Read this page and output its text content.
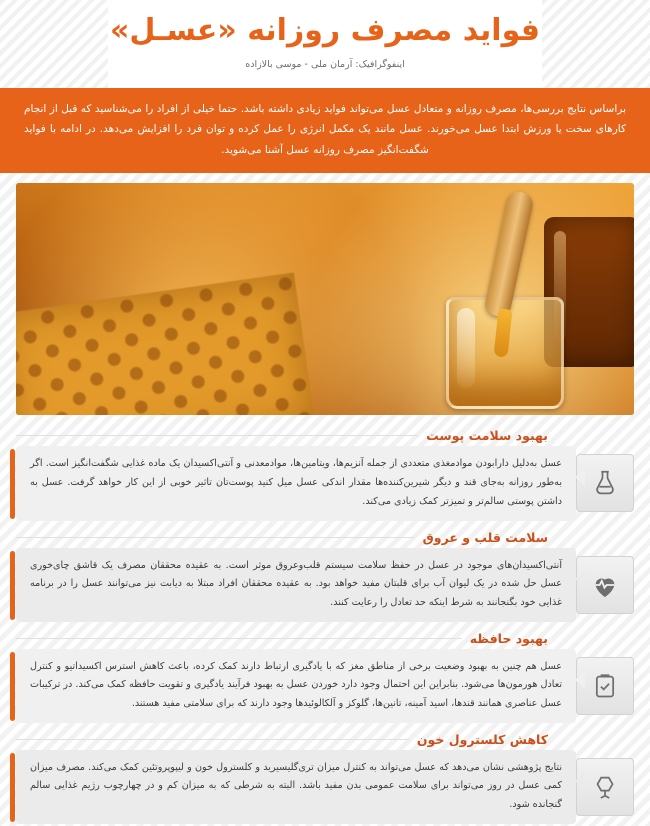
فواید مصرف روزانه «عسـل»
اینفوگرافیک: آرمان ملی - موسی بالازاده

براساس نتایج بررسی‌ها، مصرف روزانه و متعادل عسل می‌تواند فواید زیادی داشته باشد. حتما خیلی از افراد را می‌شناسید که قبل از انجام کارهای سخت یا ورزش ابتدا عسل می‌خورند. عسل مانند یک مکمل انرژی را عمل کرده و توان فرد را افزایش می‌دهد. در ادامه با فواید شگفت‌انگیز مصرف روزانه عسل آشنا می‌شوید.

بهبود سلامت پوست
عسل به‌دلیل دارابودن موادمغذی متعددی از جمله آنزیم‌ها، ویتامین‌ها، موادمعدنی و آنتی‌اکسیدان یک ماده غذایی شگفت‌انگیز است. اگر به‌طور روزانه به‌جای قند و دیگر شیرین‌کننده‌ها مقدار اندکی عسل میل کنید پوست‌تان تاثیر خوبی از این کار خواهد گرفت. عسل به داشتن پوستی سالم‌تر و تمیزتر کمک زیادی می‌کند.
سلامت قلب و عروق
آنتی‌اکسیدان‌های موجود در عسل در حفظ سلامت سیستم قلب‌وعروق موثر است. به عقیده محققان مصرف یک قاشق چای‌خوری عسل حل شده در یک لیوان آب برای قلبتان مفید خواهد بود. به عقیده محققان افراد مبتلا به دیابت نیز می‌توانند عسل را در برنامه غذایی خود بگنجانند به شرط اینکه حد تعادل را رعایت کنند.
بهبود حافظه
عسل هم چنین به بهبود وضعیت برخی از مناطق مغز که با یادگیری ارتباط دارند کمک کرده، باعث کاهش استرس اکسیداتیو و کنترل تعادل هورمون‌ها می‌شود. بنابراین این احتمال وجود دارد خوردن عسل به بهبود فرآیند یادگیری و تقویت حافظه کمک می‌کند. در ترکیبات عسل عناصری همانند قندها، اسید آمینه، تانین‌ها، گلوکز و آلکالوئیدها وجود دارند که برای سلامتی مفید هستند.
کاهش کلسترول خون
نتایج پژوهشی نشان می‌دهد که عسل می‌تواند به کنترل میزان تری‌گلیسیرید و کلسترول خون و لیپوپروتئین کمک می‌کند. مصرف میزان کمی عسل در روز می‌تواند برای سلامت عمومی بدن مفید باشد. البته به شرطی که به میزان کم و در چهارچوب رژیم غذایی سالم گنجانده شود.
